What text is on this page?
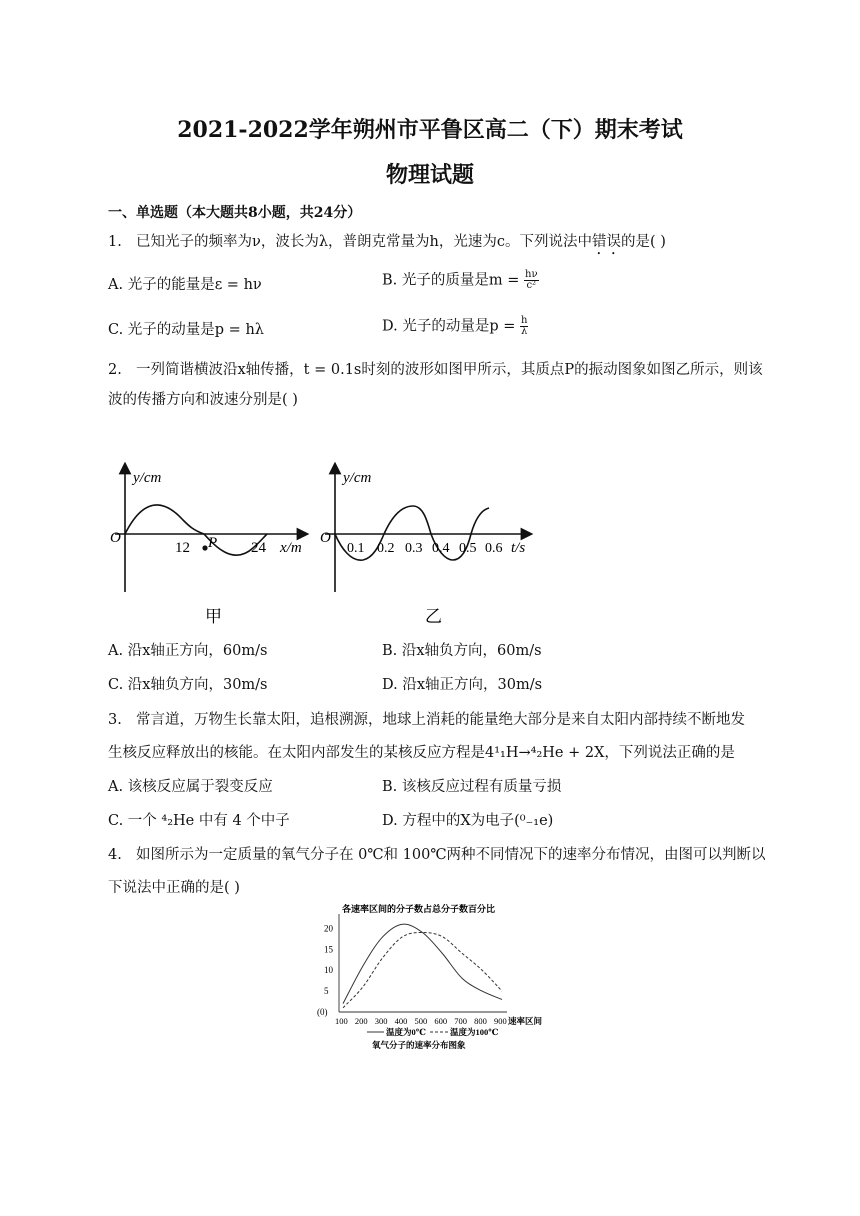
2021-2022学年朔州市平鲁区高二（下）期末考试
物理试题
一、单选题（本大题共8小题，共24分）
1. 已知光子的频率为ν，波长为λ，普朗克常量为h，光速为c。下列说法中错误的是( )
A. 光子的能量是ε = hν	B. 光子的质量是$m = \frac{h\nu}{\text{c²}}$
C. 光子的动量是p = hλ	D. 光子的动量是$p = \frac{h}{\lambda}$
2. 一列简谐横波沿x轴传播，t = 0.1s时刻的波形如图甲所示，其质点P的振动图象如图乙所示，则该
波的传播方向和波速分别是( )
y/cm
O
12 P 24 x/m
甲
y/cm
O
0.1 0.2 0.3 0.4 0.5 0.6 t/s
乙
A. 沿x轴正方向，60m/s	B. 沿x轴负方向，60m/s
C. 沿x轴负方向，30m/s	D. 沿x轴正方向，30m/s
3. 常言道，万物生长靠太阳，追根溯源，地球上消耗的能量绝大部分是来自太阳内部持续不断地发
生核反应释放出的核能。在太阳内部发生的某核反应方程是4¹₁H→⁴₂He + 2X，下列说法正确的是
A. 该核反应属于裂变反应	B. 该核反应过程有质量亏损
C. 一个 ⁴₂He 中有 4 个中子	D. 方程中的X为电子(⁰₋₁e)
4. 如图所示为一定质量的氧气分子在 0℃和 100℃两种不同情况下的速率分布情况，由图可以判断以
下说法中正确的是( )
各速率区间的分子数占总分子数百分比
(0)
5
10
15
20
100 200 300 400 500 600 700 800 900 速率区间
温度为0℃	温度为100℃
氧气分子的速率分布图象
